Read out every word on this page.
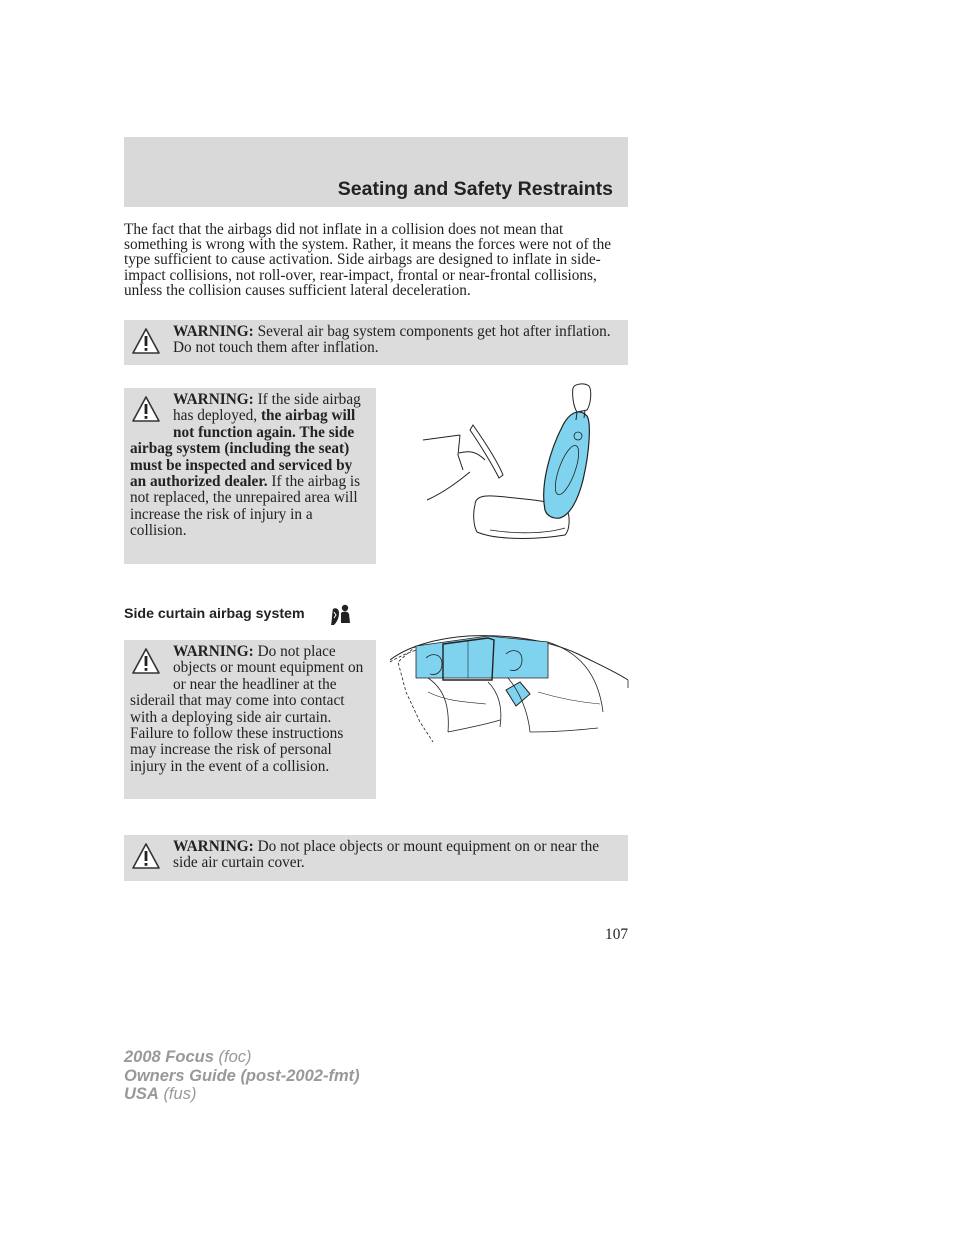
Seating and Safety Restraints

The fact that the airbags did not inflate in a collision does not mean that something is wrong with the system. Rather, it means the forces were not of the type sufficient to cause activation. Side airbags are designed to inflate in side-impact collisions, not roll-over, rear-impact, frontal or near-frontal collisions, unless the collision causes sufficient lateral deceleration.

WARNING: Several air bag system components get hot after inflation. Do not touch them after inflation.

WARNING: If the side airbag has deployed, the airbag will not function again. The side airbag system (including the seat) must be inspected and serviced by an authorized dealer. If the airbag is not replaced, the unrepaired area will increase the risk of injury in a collision.

Side curtain airbag system

WARNING: Do not place objects or mount equipment on or near the headliner at the siderail that may come into contact with a deploying side air curtain. Failure to follow these instructions may increase the risk of personal injury in the event of a collision.

WARNING: Do not place objects or mount equipment on or near the side air curtain cover.

107
2008 Focus (foc)
Owners Guide (post-2002-fmt)
USA (fus)
